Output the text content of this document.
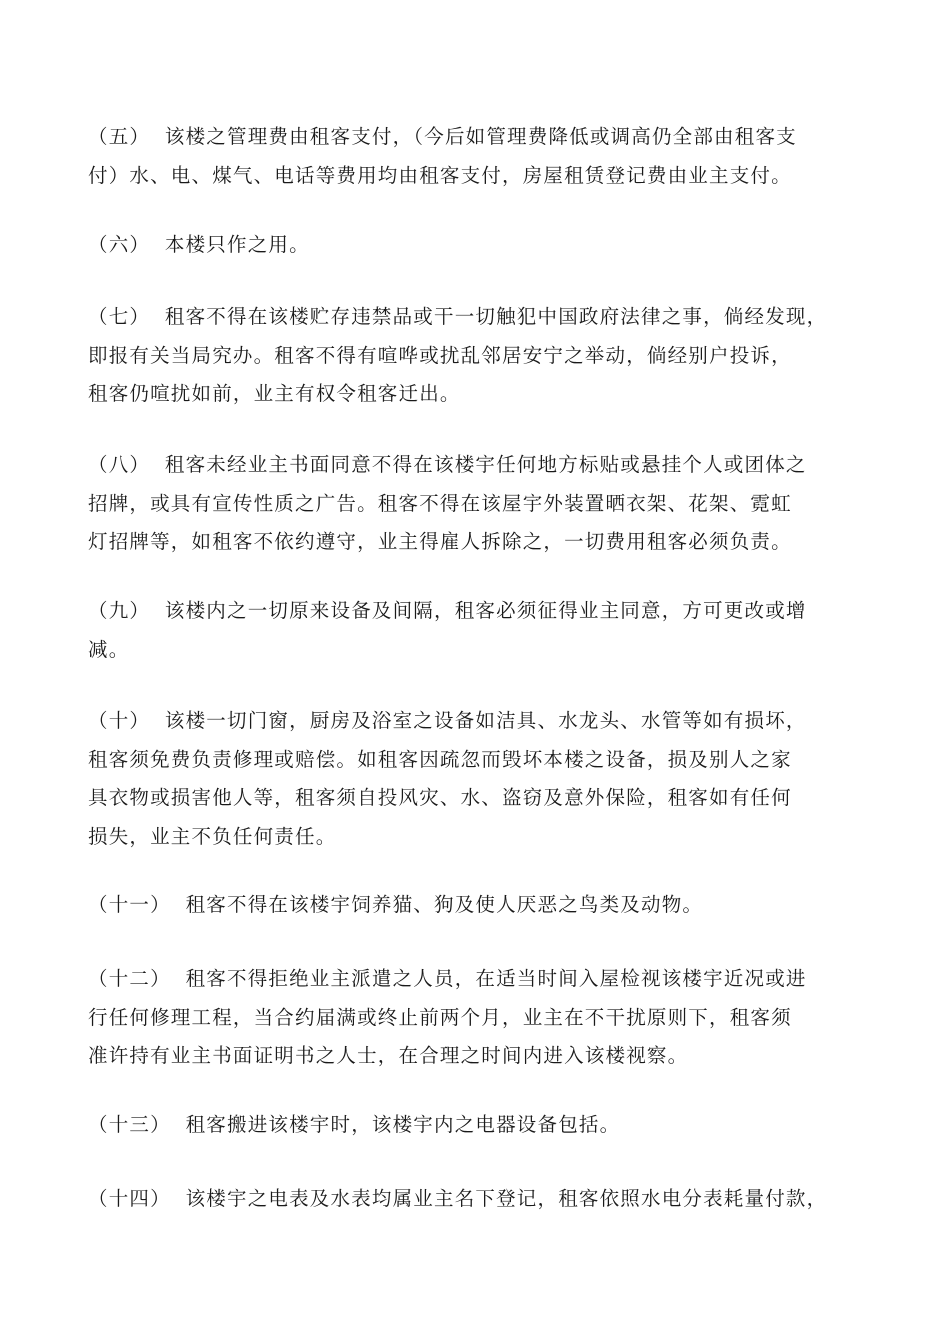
（五）  该楼之管理费由租客支付，（今后如管理费降低或调高仍全部由租客支
付）水、电、煤气、电话等费用均由租客支付，房屋租赁登记费由业主支付。

（六）  本楼只作之用。

（七）  租客不得在该楼贮存违禁品或干一切触犯中国政府法律之事，倘经发现，
即报有关当局究办。租客不得有喧哗或扰乱邻居安宁之举动，倘经别户投诉，
租客仍喧扰如前，业主有权令租客迁出。

（八）  租客未经业主书面同意不得在该楼宇任何地方标贴或悬挂个人或团体之
招牌，或具有宣传性质之广告。租客不得在该屋宇外装置晒衣架、花架、霓虹
灯招牌等，如租客不依约遵守，业主得雇人拆除之，一切费用租客必须负责。

（九）  该楼内之一切原来设备及间隔，租客必须征得业主同意，方可更改或增
减。

（十）  该楼一切门窗，厨房及浴室之设备如洁具、水龙头、水管等如有损坏，
租客须免费负责修理或赔偿。如租客因疏忽而毁坏本楼之设备，损及别人之家
具衣物或损害他人等，租客须自投风灾、水、盗窃及意外保险，租客如有任何
损失，业主不负任何责任。

（十一）  租客不得在该楼宇饲养猫、狗及使人厌恶之鸟类及动物。

（十二）  租客不得拒绝业主派遣之人员，在适当时间入屋检视该楼宇近况或进
行任何修理工程，当合约届满或终止前两个月，业主在不干扰原则下，租客须
准许持有业主书面证明书之人士，在合理之时间内进入该楼视察。

（十三）  租客搬进该楼宇时，该楼宇内之电器设备包括。

（十四）  该楼宇之电表及水表均属业主名下登记，租客依照水电分表耗量付款，
